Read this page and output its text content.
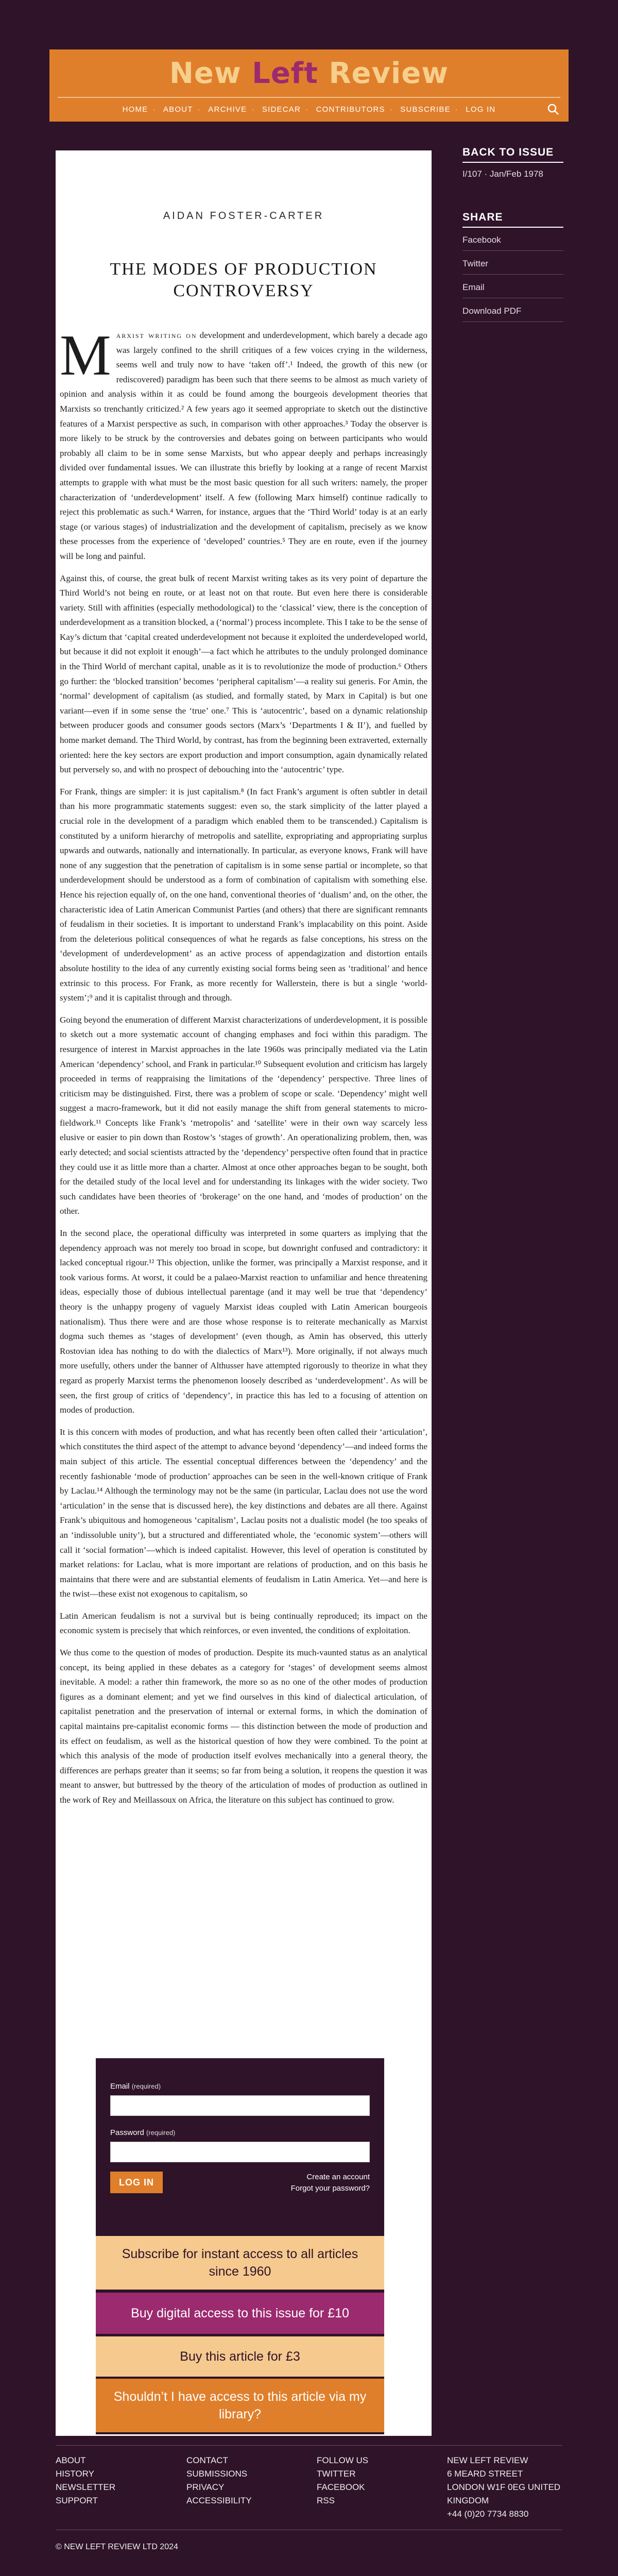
New Left Review
HOME · ABOUT · ARCHIVE · SIDECAR · CONTRIBUTORS · SUBSCRIBE · LOG IN
AIDAN FOSTER-CARTER
THE MODES OF PRODUCTION CONTROVERSY

Marxist writing on development and underdevelopment, which barely a decade ago was largely confined to the shrill critiques of a few voices crying in the wilderness, seems well and truly now to have ‘taken off’.¹ Indeed, the growth of this new (or rediscovered) paradigm has been such that there seems to be almost as much variety of opinion and analysis within it as could be found among the bourgeois development theories that Marxists so trenchantly criticized.² A few years ago it seemed appropriate to sketch out the distinctive features of a Marxist perspective as such, in comparison with other approaches.³ Today the observer is more likely to be struck by the controversies and debates going on between participants who would probably all claim to be in some sense Marxists, but who appear deeply and perhaps increasingly divided over fundamental issues. We can illustrate this briefly by looking at a range of recent Marxist attempts to grapple with what must be the most basic question for all such writers: namely, the proper characterization of ‘underdevelopment’ itself. A few (following Marx himself) continue radically to reject this problematic as such.⁴ Warren, for instance, argues that the ‘Third World’ today is at an early stage (or various stages) of industrialization and the development of capitalism, precisely as we know these processes from the experience of ‘developed’ countries.⁵ They are en route, even if the journey will be long and painful.

Against this, of course, the great bulk of recent Marxist writing takes as its very point of departure the Third World’s not being en route, or at least not on that route. But even here there is considerable variety. Still with affinities (especially methodological) to the ‘classical’ view, there is the conception of underdevelopment as a transition blocked, a (‘normal’) process incomplete. This I take to be the sense of Kay’s dictum that ‘capital created underdevelopment not because it exploited the underdeveloped world, but because it did not exploit it enough’—a fact which he attributes to the unduly prolonged dominance in the Third World of merchant capital, unable as it is to revolutionize the mode of production.⁶ Others go further: the ‘blocked transition’ becomes ‘peripheral capitalism’—a reality sui generis. For Amin, the ‘normal’ development of capitalism (as studied, and formally stated, by Marx in Capital) is but one variant—even if in some sense the ‘true’ one.⁷ This is ‘autocentric’, based on a dynamic relationship between producer goods and consumer goods sectors (Marx’s ‘Departments I & II’), and fuelled by home market demand. The Third World, by contrast, has from the beginning been extraverted, externally oriented: here the key sectors are export production and import consumption, again dynamically related but perversely so, and with no prospect of debouching into the ‘autocentric’ type.

For Frank, things are simpler: it is just capitalism.⁸ (In fact Frank’s argument is often subtler in detail than his more programmatic statements suggest: even so, the stark simplicity of the latter played a crucial role in the development of a paradigm which enabled them to be transcended.) Capitalism is constituted by a uniform hierarchy of metropolis and satellite, expropriating and appropriating surplus upwards and outwards, nationally and internationally. In particular, as everyone knows, Frank will have none of any suggestion that the penetration of capitalism is in some sense partial or incomplete, so that underdevelopment should be understood as a form of combination of capitalism with something else. Hence his rejection equally of, on the one hand, conventional theories of ‘dualism’ and, on the other, the characteristic idea of Latin American Communist Parties (and others) that there are significant remnants of feudalism in their societies. It is important to understand Frank’s implacability on this point. Aside from the deleterious political consequences of what he regards as false conceptions, his stress on the ‘development of underdevelopment’ as an active process of appendagization and distortion entails absolute hostility to the idea of any currently existing social forms being seen as ‘traditional’ and hence extrinsic to this process. For Frank, as more recently for Wallerstein, there is but a single ‘world-system’;⁹ and it is capitalist through and through.

Going beyond the enumeration of different Marxist characterizations of underdevelopment, it is possible to sketch out a more systematic account of changing emphases and foci within this paradigm. The resurgence of interest in Marxist approaches in the late 1960s was principally mediated via the Latin American ‘dependency’ school, and Frank in particular.¹⁰ Subsequent evolution and criticism has largely proceeded in terms of reappraising the limitations of the ‘dependency’ perspective. Three lines of criticism may be distinguished. First, there was a problem of scope or scale. ‘Dependency’ might well suggest a macro-framework, but it did not easily manage the shift from general statements to micro-fieldwork.¹¹ Concepts like Frank’s ‘metropolis’ and ‘satellite’ were in their own way scarcely less elusive or easier to pin down than Rostow’s ‘stages of growth’. An operationalizing problem, then, was early detected; and social scientists attracted by the ‘dependency’ perspective often found that in practice they could use it as little more than a charter. Almost at once other approaches began to be sought, both for the detailed study of the local level and for understanding its linkages with the wider society. Two such candidates have been theories of ‘brokerage’ on the one hand, and ‘modes of production’ on the other.

In the second place, the operational difficulty was interpreted in some quarters as implying that the dependency approach was not merely too broad in scope, but downright confused and contradictory: it lacked conceptual rigour.¹² This objection, unlike the former, was principally a Marxist response, and it took various forms. At worst, it could be a palaeo-Marxist reaction to unfamiliar and hence threatening ideas, especially those of dubious intellectual parentage (and it may well be true that ‘dependency’ theory is the unhappy progeny of vaguely Marxist ideas coupled with Latin American bourgeois nationalism). Thus there were and are those whose response is to reiterate mechanically as Marxist dogma such themes as ‘stages of development’ (even though, as Amin has observed, this utterly Rostovian idea has nothing to do with the dialectics of Marx¹³). More originally, if not always much more usefully, others under the banner of Althusser have attempted rigorously to theorize in what they regard as properly Marxist terms the phenomenon loosely described as ‘underdevelopment’. As will be seen, the first group of critics of ‘dependency’, in practice this has led to a focusing of attention on modes of production.

It is this concern with modes of production, and what has recently been often called their ‘articulation’, which constitutes the third aspect of the attempt to advance beyond ‘dependency’—and indeed forms the main subject of this article. The essential conceptual differences between the ‘dependency’ and the recently fashionable ‘mode of production’ approaches can be seen in the well-known critique of Frank by Laclau.¹⁴ Although the terminology may not be the same (in particular, Laclau does not use the word ‘articulation’ in the sense that is discussed here), the key distinctions and debates are all there. Against Frank’s ubiquitous and homogeneous ‘capitalism’, Laclau posits not a dualistic model (he too speaks of an ‘indissoluble unity’), but a structured and differentiated whole, the ‘economic system’—others will call it ‘social formation’—which is indeed capitalist. However, this level of operation is constituted by market relations: for Laclau, what is more important are relations of production, and on this basis he maintains that there were and are substantial elements of feudalism in Latin America. Yet—and here is the twist—these exist not exogenous to capitalism, so

Latin American feudalism is not a survival but is being continually reproduced; its impact on the economic system is precisely that which reinforces, or even invented, the conditions of exploitation.

We thus come to the question of modes of production. Despite its much-vaunted status as an analytical concept, its being applied in these debates as a category for ‘stages’ of development seems almost inevitable. A model: a rather thin framework, the more so as no one of the other modes of production figures as a dominant element; and yet we find ourselves in this kind of dialectical articulation, of capitalist penetration and the preservation of internal or external forms, in which the domination of capital maintains pre-capitalist economic forms — this distinction between the mode of production and its effect on feudalism, as well as the historical question of how they were combined. To the point at which this analysis of the mode of production itself evolves mechanically into a general theory, the differences are perhaps greater than it seems; so far from being a solution, it reopens the question it was meant to answer, but buttressed by the theory of the articulation of modes of production as outlined in the work of Rey and Meillassoux on Africa, the literature on this subject has continued to grow.

Email (required)
Password (required)
LOG IN
Create an account
Forgot your password?
Subscribe for instant access to all articles since 1960
Buy digital access to this issue for £10
Buy this article for £3
Shouldn’t I have access to this article via my library?
BACK TO ISSUE
I/107 · Jan/Feb 1978
SHARE
Facebook
Twitter
Email
Download PDF
ABOUT
HISTORY
NEWSLETTER
SUPPORT
CONTACT
SUBMISSIONS
PRIVACY
ACCESSIBILITY
FOLLOW US
TWITTER
FACEBOOK
RSS
NEW LEFT REVIEW
6 MEARD STREET
LONDON W1F 0EG UNITED KINGDOM
+44 (0)20 7734 8830
© NEW LEFT REVIEW LTD 2024
